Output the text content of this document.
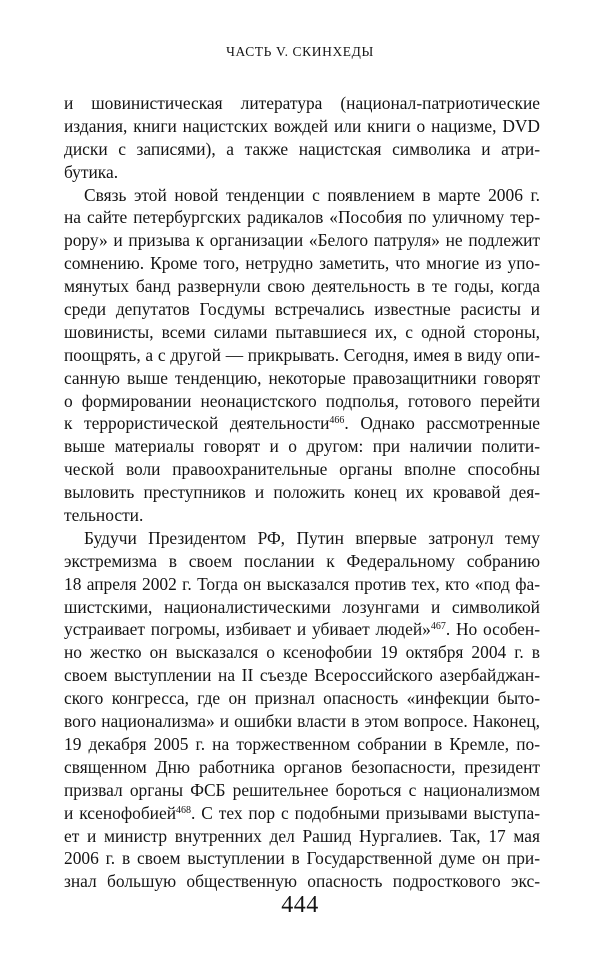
ЧАСТЬ V. СКИНХЕДЫ
и шовинистическая литература (национал-патриотические
издания, книги нацистских вождей или книги о нацизме, DVD
диски с записями), а также нацистская символика и атри-
бутика.
Связь этой новой тенденции с появлением в марте 2006 г.
на сайте петербургских радикалов «Пособия по уличному тер-
рору» и призыва к организации «Белого патруля» не подлежит
сомнению. Кроме того, нетрудно заметить, что многие из упо-
мянутых банд развернули свою деятельность в те годы, когда
среди депутатов Госдумы встречались известные расисты и
шовинисты, всеми силами пытавшиеся их, с одной стороны,
поощрять, а с другой — прикрывать. Сегодня, имея в виду опи-
санную выше тенденцию, некоторые правозащитники говорят
о формировании неонацистского подполья, готового перейти
к террористической деятельности$^{466}$. Однако рассмотренные
выше материалы говорят и о другом: при наличии полити-
ческой воли правоохранительные органы вполне способны
выловить преступников и положить конец их кровавой дея-
тельности.
Будучи Президентом РФ, Путин впервые затронул тему
экстремизма в своем послании к Федеральному собранию
18 апреля 2002 г. Тогда он высказался против тех, кто «под фа-
шистскими, националистическими лозунгами и символикой
устраивает погромы, избивает и убивает людей»$^{467}$. Но особен-
но жестко он высказался о ксенофобии 19 октября 2004 г. в
своем выступлении на II съезде Всероссийского азербайджан-
ского конгресса, где он признал опасность «инфекции быто-
вого национализма» и ошибки власти в этом вопросе. Наконец,
19 декабря 2005 г. на торжественном собрании в Кремле, по-
священном Дню работника органов безопасности, президент
призвал органы ФСБ решительнее бороться с национализмом
и ксенофобией$^{468}$. С тех пор с подобными призывами выступа-
ет и министр внутренних дел Рашид Нургалиев. Так, 17 мая
2006 г. в своем выступлении в Государственной думе он при-
знал большую общественную опасность подросткового экс-
444
